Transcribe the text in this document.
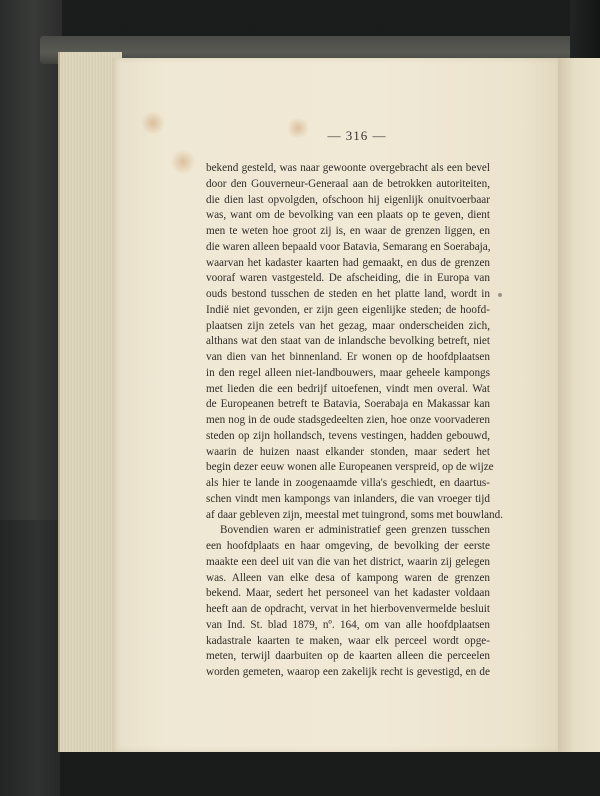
— 316 —
bekend gesteld, was naar gewoonte overgebracht als een bevel
door den Gouverneur-Generaal aan de betrokken autoriteiten,
die dien last opvolgden, ofschoon hij eigenlijk onuitvoerbaar
was, want om de bevolking van een plaats op te geven, dient
men te weten hoe groot zij is, en waar de grenzen liggen, en
die waren alleen bepaald voor Batavia, Semarang en Soerabaja,
waarvan het kadaster kaarten had gemaakt, en dus de grenzen
vooraf waren vastgesteld. De afscheiding, die in Europa van
ouds bestond tusschen de steden en het platte land, wordt in
Indië niet gevonden, er zijn geen eigenlijke steden; de hoofd-
plaatsen zijn zetels van het gezag, maar onderscheiden zich,
althans wat den staat van de inlandsche bevolking betreft, niet
van dien van het binnenland. Er wonen op de hoofdplaatsen
in den regel alleen niet-landbouwers, maar geheele kampongs
met lieden die een bedrijf uitoefenen, vindt men overal. Wat
de Europeanen betreft te Batavia, Soerabaja en Makassar kan
men nog in de oude stadsgedeelten zien, hoe onze voorvaderen
steden op zijn hollandsch, tevens vestingen, hadden gebouwd,
waarin de huizen naast elkander stonden, maar sedert het
begin dezer eeuw wonen alle Europeanen verspreid, op de wijze
als hier te lande in zoogenaamde villa's geschiedt, en daartus-
schen vindt men kampongs van inlanders, die van vroeger tijd
af daar gebleven zijn, meestal met tuingrond, soms met bouwland.
Bovendien waren er administratief geen grenzen tusschen
een hoofdplaats en haar omgeving, de bevolking der eerste
maakte een deel uit van die van het district, waarin zij gelegen
was. Alleen van elke desa of kampong waren de grenzen
bekend. Maar, sedert het personeel van het kadaster voldaan
heeft aan de opdracht, vervat in het hierbovenvermelde besluit
van Ind. St. blad 1879, nº. 164, om van alle hoofdplaatsen
kadastrale kaarten te maken, waar elk perceel wordt opge-
meten, terwijl daarbuiten op de kaarten alleen die perceelen
worden gemeten, waarop een zakelijk recht is gevestigd, en de
